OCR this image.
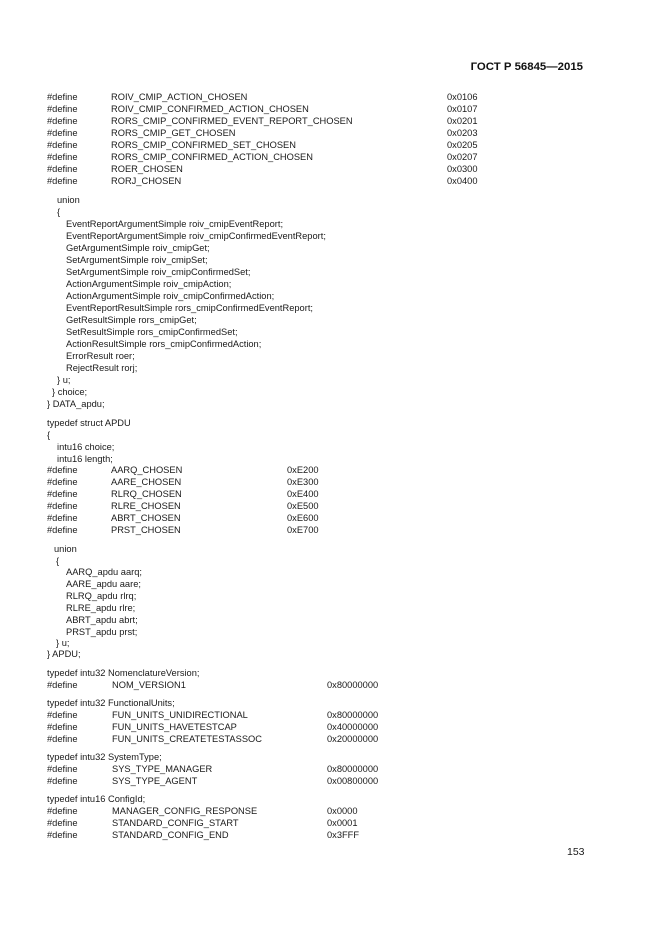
ГОСТ Р 56845—2015
#define	ROIV_CMIP_ACTION_CHOSEN	0x0106
#define	ROIV_CMIP_CONFIRMED_ACTION_CHOSEN	0x0107
#define	RORS_CMIP_CONFIRMED_EVENT_REPORT_CHOSEN	0x0201
#define	RORS_CMIP_GET_CHOSEN	0x0203
#define	RORS_CMIP_CONFIRMED_SET_CHOSEN	0x0205
#define	RORS_CMIP_CONFIRMED_ACTION_CHOSEN	0x0207
#define	ROER_CHOSEN	0x0300
#define	RORJ_CHOSEN	0x0400
union
{
EventReportArgumentSimple roiv_cmipEventReport;
EventReportArgumentSimple roiv_cmipConfirmedEventReport;
GetArgumentSimple roiv_cmipGet;
SetArgumentSimple roiv_cmipSet;
SetArgumentSimple roiv_cmipConfirmedSet;
ActionArgumentSimple roiv_cmipAction;
ActionArgumentSimple roiv_cmipConfirmedAction;
EventReportResultSimple rors_cmipConfirmedEventReport;
GetResultSimple rors_cmipGet;
SetResultSimple rors_cmipConfirmedSet;
ActionResultSimple rors_cmipConfirmedAction;
ErrorResult roer;
RejectResult rorj;
} u;
} choice;
} DATA_apdu;
typedef struct APDU
{
intu16 choice;
intu16 length;
#define	AARQ_CHOSEN	0xE200
#define	AARE_CHOSEN	0xE300
#define	RLRQ_CHOSEN	0xE400
#define	RLRE_CHOSEN	0xE500
#define	ABRT_CHOSEN	0xE600
#define	PRST_CHOSEN	0xE700
union
{
AARQ_apdu aarq;
AARE_apdu aare;
RLRQ_apdu rlrq;
RLRE_apdu rlre;
ABRT_apdu abrt;
PRST_apdu prst;
} u;
} APDU;
typedef intu32 NomenclatureVersion;
#define	NOM_VERSION1	0x80000000
typedef intu32 FunctionalUnits;
#define	FUN_UNITS_UNIDIRECTIONAL	0x80000000
#define	FUN_UNITS_HAVETESTCAP	0x40000000
#define	FUN_UNITS_CREATETESTASSOC	0x20000000
typedef intu32 SystemType;
#define	SYS_TYPE_MANAGER	0x80000000
#define	SYS_TYPE_AGENT	0x00800000
typedef intu16 ConfigId;
#define	MANAGER_CONFIG_RESPONSE	0x0000
#define	STANDARD_CONFIG_START	0x0001
#define	STANDARD_CONFIG_END	0x3FFF
153
